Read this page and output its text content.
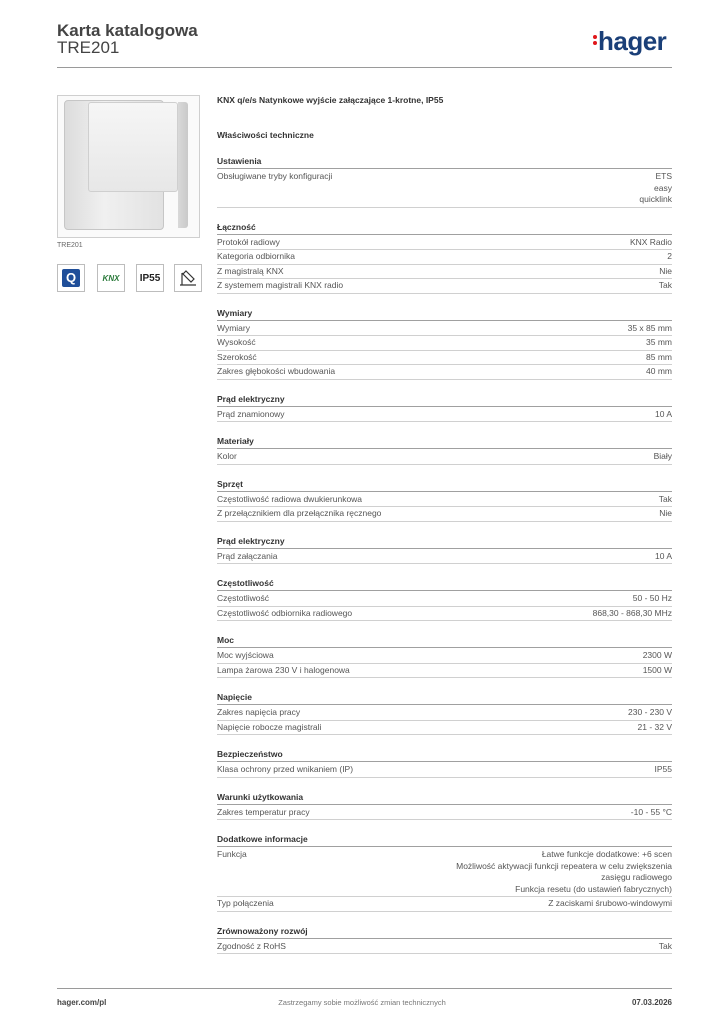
Karta katalogowa
TRE201	hager
TRE201
Q	KNX IP55
KNX q/e/s Natynkowe wyjście załączające 1-krotne, IP55
Właściwości techniczne
Ustawienia
Obsługiwane tryby konfiguracji	ETS
easy
quicklink
Łączność
Protokół radiowy	KNX Radio
Kategoria odbiornika	2
Z magistralą KNX	Nie
Z systemem magistrali KNX radio	Tak
Wymiary
Wymiary	35 x 85 mm
Wysokość	35 mm
Szerokość	85 mm
Zakres głębokości wbudowania	40 mm
Prąd elektryczny
Prąd znamionowy	10 A
Materiały
Kolor	Biały
Sprzęt
Częstotliwość radiowa dwukierunkowa	Tak
Z przełącznikiem dla przełącznika ręcznego	Nie
Prąd elektryczny
Prąd załączania	10 A
Częstotliwość
Częstotliwość	50 - 50 Hz
Częstotliwość odbiornika radiowego	868,30 - 868,30 MHz
Moc
Moc wyjściowa	2300 W
Lampa żarowa 230 V i halogenowa	1500 W
Napięcie
Zakres napięcia pracy	230 - 230 V
Napięcie robocze magistrali	21 - 32 V
Bezpieczeństwo
Klasa ochrony przed wnikaniem (IP)	IP55
Warunki użytkowania
Zakres temperatur pracy	-10 - 55 °C
Dodatkowe informacje
Funkcja	Łatwe funkcje dodatkowe: +6 scen
Możliwość aktywacji funkcji repeatera w celu zwiększenia
zasięgu radiowego
Funkcja resetu (do ustawień fabrycznych)
Typ połączenia	Z zaciskami śrubowo-windowymi
Zrównoważony rozwój
Zgodność z RoHS	Tak
hager.com/pl	Zastrzegamy sobie możliwość zmian technicznych	07.03.2026
